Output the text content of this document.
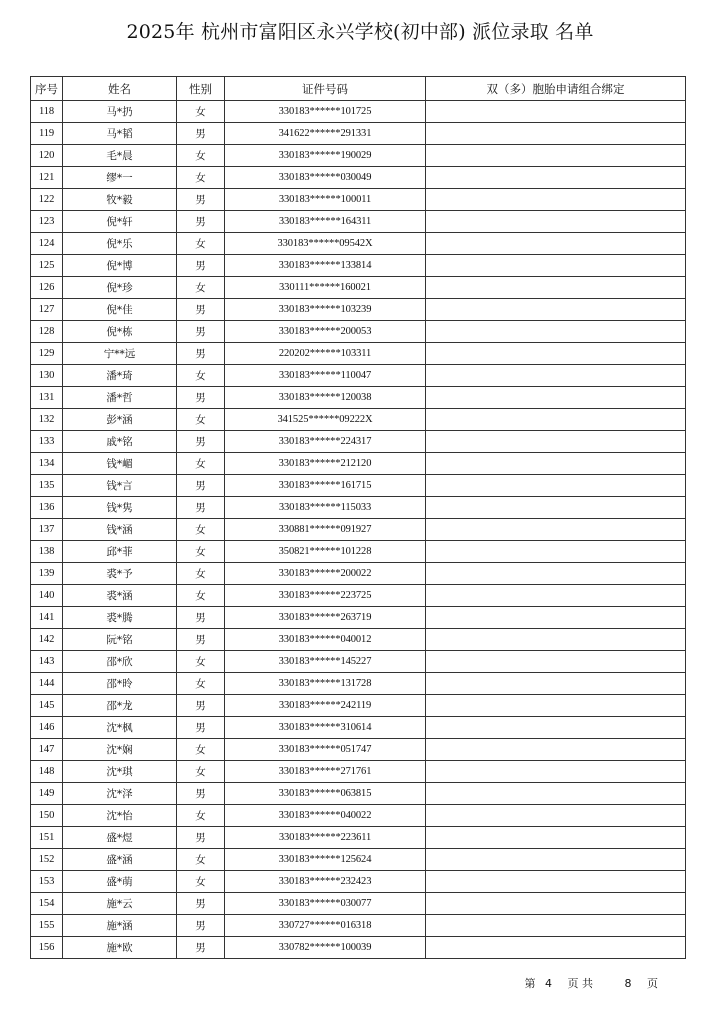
2025年 杭州市富阳区永兴学校(初中部) 派位录取 名单
序号	姓名	性别	证件号码	双（多）胞胎申请组合绑定
118	马*扔	女	330183******101725	
119	马*韬	男	341622******291331	
120	毛*晨	女	330183******190029	
121	缪*一	女	330183******030049	
122	牧*毅	男	330183******100011	
123	倪*轩	男	330183******164311	
124	倪*乐	女	330183******09542X	
125	倪*博	男	330183******133814	
126	倪*珍	女	330111******160021	
127	倪*佳	男	330183******103239	
128	倪*栋	男	330183******200053	
129	宁**远	男	220202******103311	
130	潘*琦	女	330183******110047	
131	潘*哲	男	330183******120038	
132	彭*涵	女	341525******09222X	
133	戚*铭	男	330183******224317	
134	钱*嵋	女	330183******212120	
135	钱*言	男	330183******161715	
136	钱*隽	男	330183******115033	
137	钱*涵	女	330881******091927	
138	邱*菲	女	350821******101228	
139	裘*予	女	330183******200022	
140	裘*涵	女	330183******223725	
141	裘*腾	男	330183******263719	
142	阮*铭	男	330183******040012	
143	邵*欣	女	330183******145227	
144	邵*昤	女	330183******131728	
145	邵*龙	男	330183******242119	
146	沈*枫	男	330183******310614	
147	沈*娴	女	330183******051747	
148	沈*琪	女	330183******271761	
149	沈*泽	男	330183******063815	
150	沈*怡	女	330183******040022	
151	盛*煜	男	330183******223611	
152	盛*涵	女	330183******125624	
153	盛*萌	女	330183******232423	
154	施*云	男	330183******030077	
155	施*涵	男	330727******016318	
156	施*欧	男	330782******100039	
第 4 页 共	8 页
